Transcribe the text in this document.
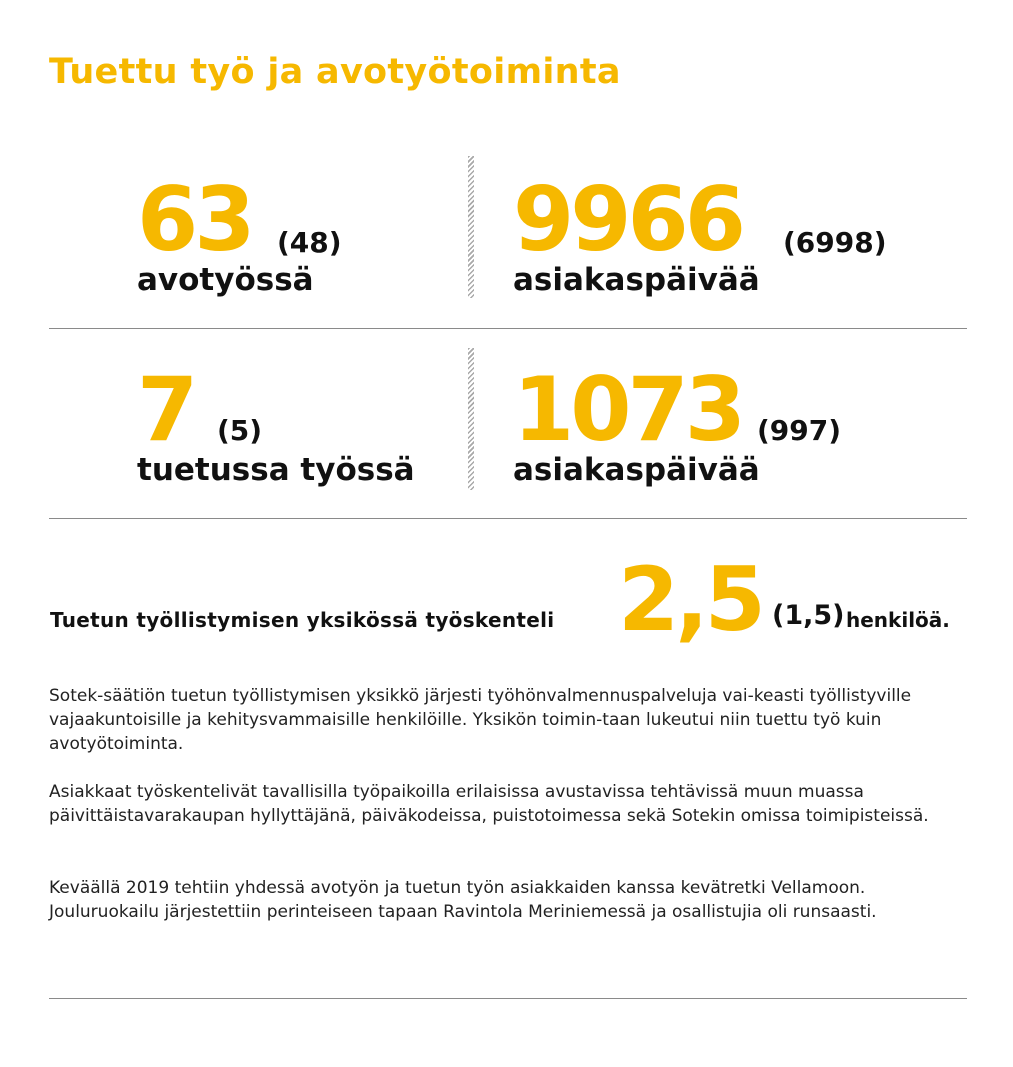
Tuettu työ ja avotyötoiminta
63 (48)
avotyössä
9966 (6998)
asiakaspäivää
7 (5)
tuetussa työssä
1073 (997)
asiakaspäivää
Tuetun työllistymisen yksikössä työskenteli 2,5 (1,5) henkilöä.

Sotek-säätiön tuetun työllistymisen yksikkö järjesti työhönvalmennuspalveluja vai-keasti työllistyville vajaakuntoisille ja kehitysvammaisille henkilöille. Yksikön toimin-taan lukeutui niin tuettu työ kuin avotyötoiminta.

Asiakkaat työskentelivät tavallisilla työpaikoilla erilaisissa avustavissa tehtävissä muun muassa päivittäistavarakaupan hyllyttäjänä, päiväkodeissa, puistotoimessa sekä Sotekin omissa toimipisteissä.

Keväällä 2019 tehtiin yhdessä avotyön ja tuetun työn asiakkaiden kanssa kevätretki Vellamoon. Jouluruokailu järjestettiin perinteiseen tapaan Ravintola Meriniemessä ja osallistujia oli runsaasti.
